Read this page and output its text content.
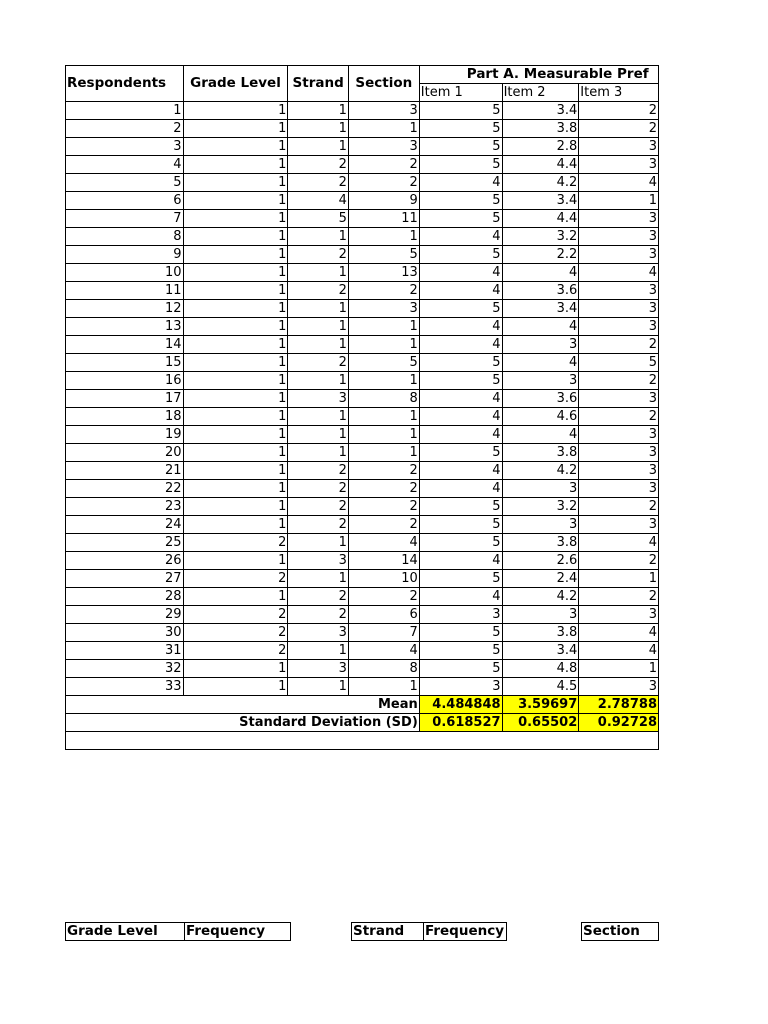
Respondents	Grade Level	Strand	Section	Part A. Measurable Pref		
				Item 1	Item 2	Item 3
1	1	1	3	5	3.4	2
2	1	1	1	5	3.8	2
3	1	1	3	5	2.8	3
4	1	2	2	5	4.4	3
5	1	2	2	4	4.2	4
6	1	4	9	5	3.4	1
7	1	5	11	5	4.4	3
8	1	1	1	4	3.2	3
9	1	2	5	5	2.2	3
10	1	1	13	4	4	4
11	1	2	2	4	3.6	3
12	1	1	3	5	3.4	3
13	1	1	1	4	4	3
14	1	1	1	4	3	2
15	1	2	5	5	4	5
16	1	1	1	5	3	2
17	1	3	8	4	3.6	3
18	1	1	1	4	4.6	2
19	1	1	1	4	4	3
20	1	1	1	5	3.8	3
21	1	2	2	4	4.2	3
22	1	2	2	4	3	3
23	1	2	2	5	3.2	2
24	1	2	2	5	3	3
25	2	1	4	5	3.8	4
26	1	3	14	4	2.6	2
27	2	1	10	5	2.4	1
28	1	2	2	4	4.2	2
29	2	2	6	3	3	3
30	2	3	7	5	3.8	4
31	2	1	4	5	3.4	4
32	1	3	8	5	4.8	1
33	1	1	1	3	4.5	3
Mean				4.484848	3.59697	2.78788
Standard Deviation (SD)				0.618527	0.65502	0.92728

Grade Level	Frequency	Strand	Frequency	Section
